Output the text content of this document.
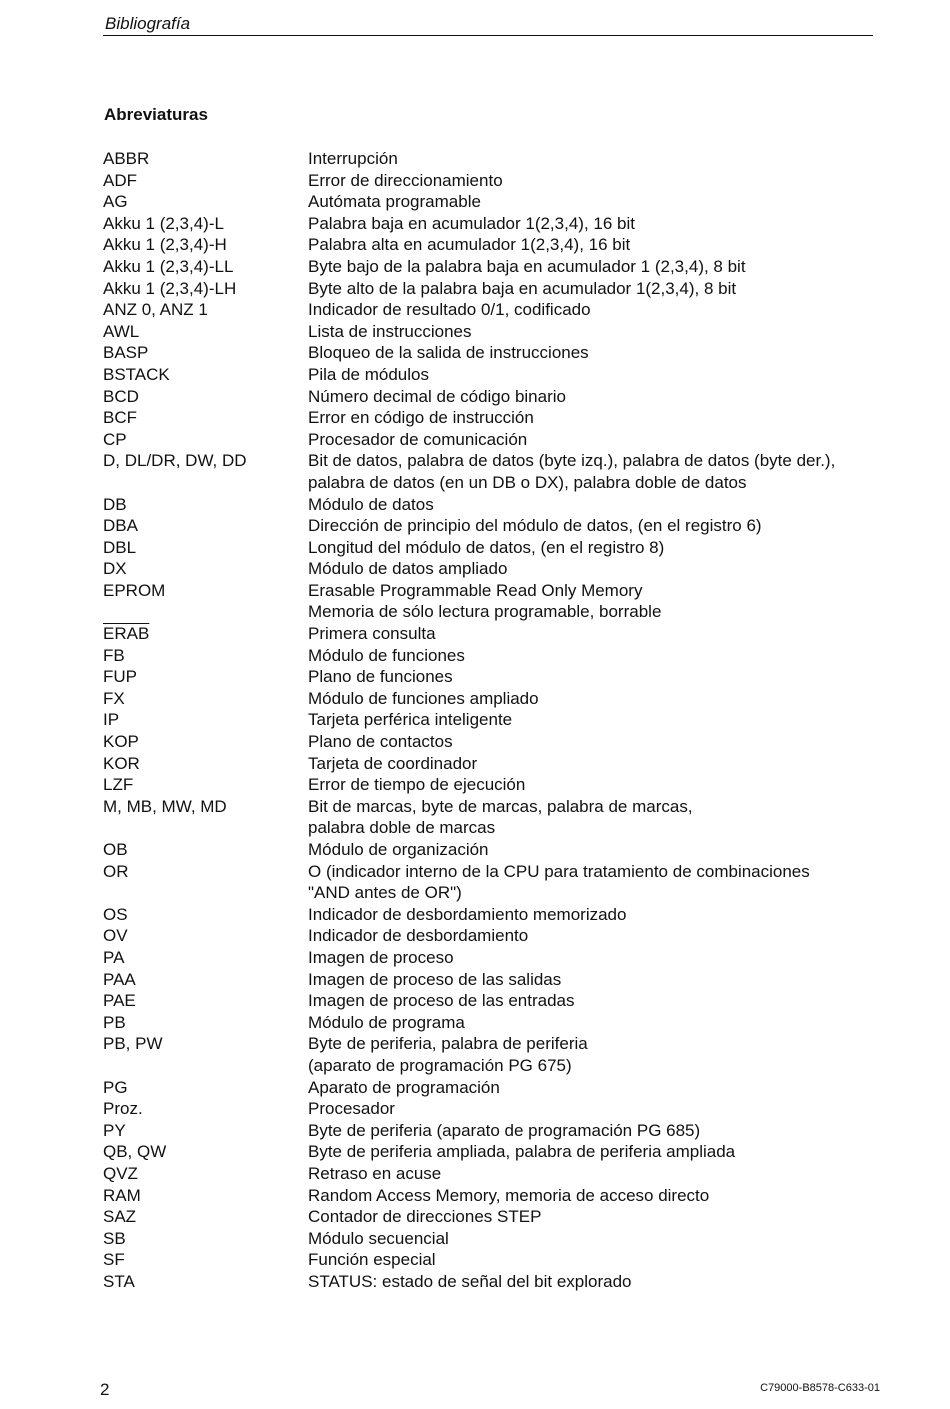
Bibliografía
Abreviaturas
ABBR	Interrupción
ADF	Error de direccionamiento
AG	Autómata programable
Akku 1 (2,3,4)-L	Palabra baja en acumulador 1(2,3,4), 16 bit
Akku 1 (2,3,4)-H	Palabra alta en acumulador 1(2,3,4), 16 bit
Akku 1 (2,3,4)-LL	Byte bajo de la palabra baja en acumulador 1 (2,3,4), 8 bit
Akku 1 (2,3,4)-LH	Byte alto de la palabra baja en acumulador 1(2,3,4), 8 bit
ANZ 0, ANZ 1	Indicador de resultado 0/1, codificado
AWL	Lista de instrucciones
BASP	Bloqueo de la salida de instrucciones
BSTACK	Pila de módulos
BCD	Número decimal de código binario
BCF	Error en código de instrucción
CP	Procesador de comunicación
D, DL/DR, DW, DD	Bit de datos, palabra de datos (byte izq.), palabra de datos (byte der.),
palabra de datos (en un DB o DX), palabra doble de datos
DB	Módulo de datos
DBA	Dirección de principio del módulo de datos, (en el registro 6)
DBL	Longitud del módulo de datos, (en el registro 8)
DX	Módulo de datos ampliado
EPROM	Erasable Programmable Read Only Memory
Memoria de sólo lectura programable, borrable
ERAB	Primera consulta
FB	Módulo de funciones
FUP	Plano de funciones
FX	Módulo de funciones ampliado
IP	Tarjeta perférica inteligente
KOP	Plano de contactos
KOR	Tarjeta de coordinador
LZF	Error de tiempo de ejecución
M, MB, MW, MD	Bit de marcas, byte de marcas, palabra de marcas,
palabra doble de marcas
OB	Módulo de organización
OR	O (indicador interno de la CPU para tratamiento de combinaciones
"AND antes de OR")
OS	Indicador de desbordamiento memorizado
OV	Indicador de desbordamiento
PA	Imagen de proceso
PAA	Imagen de proceso de las salidas
PAE	Imagen de proceso de las entradas
PB	Módulo de programa
PB, PW	Byte de periferia, palabra de periferia
(aparato de programación PG 675)
PG	Aparato de programación
Proz.	Procesador
PY	Byte de periferia (aparato de programación PG 685)
QB, QW	Byte de periferia ampliada, palabra de periferia ampliada
QVZ	Retraso en acuse
RAM	Random Access Memory, memoria de acceso directo
SAZ	Contador de direcciones STEP
SB	Módulo secuencial
SF	Función especial
STA	STATUS: estado de señal del bit explorado
2	C79000-B8578-C633-01
